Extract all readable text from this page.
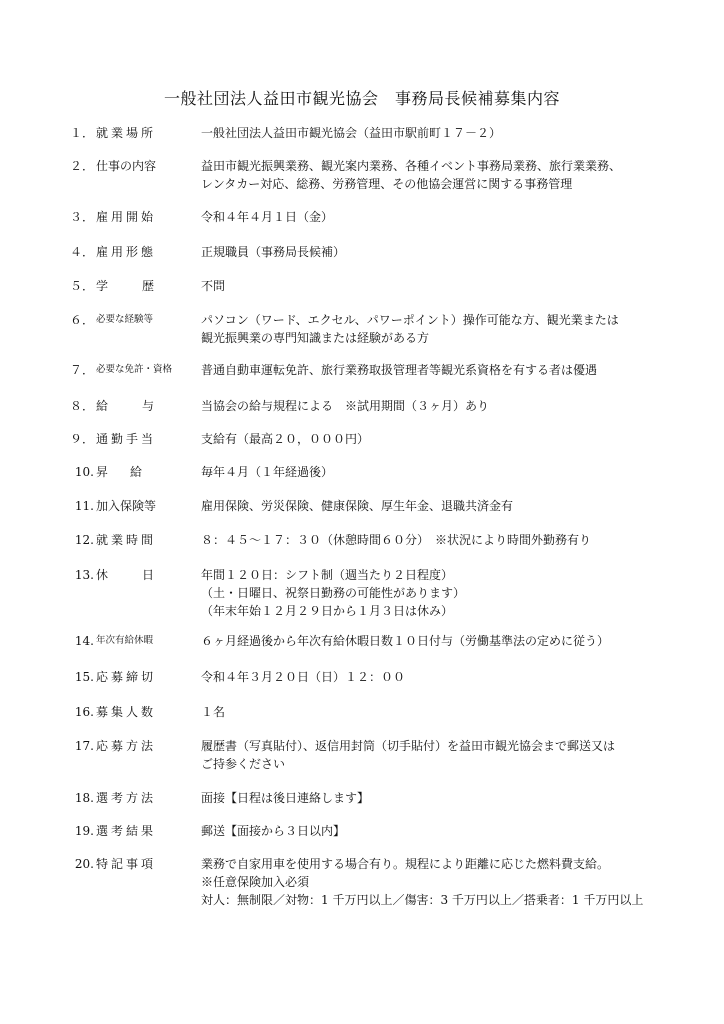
一般社団法人益田市観光協会　事務局長候補募集内容
１． 就業場所	一般社団法人益田市観光協会（益田市駅前町１７－２）
２． 仕事の内容	益田市観光振興業務、観光案内業務、各種イベント事務局業務、旅行業業務、
レンタカー対応、総務、労務管理、その他協会運営に関する事務管理
３． 雇用開始	令和４年４月１日（金）
４． 雇用形態	正規職員（事務局長候補）
５． 学歴	不問
６． 必要な経験等	パソコン（ワード、エクセル、パワーポイント）操作可能な方、観光業または
観光振興業の専門知識または経験がある方
７． 必要な免許・資格	普通自動車運転免許、旅行業務取扱管理者等観光系資格を有する者は優遇
８． 給与	当協会の給与規程による　※試用期間（３ヶ月）あり
９． 通勤手当	支給有（最高２０，０００円）
10. 昇給	毎年４月（１年経過後）
11. 加入保険等	雇用保険、労災保険、健康保険、厚生年金、退職共済金有
12. 就業時間	８：４５～１７：３０（休憩時間６０分）　※状況により時間外勤務有り
13. 休日	年間１２０日：シフト制（週当たり２日程度）
（土・日曜日、祝祭日勤務の可能性があります）
（年末年始１２月２９日から１月３日は休み）
14. 年次有給休暇	６ヶ月経過後から年次有給休暇日数１０日付与（労働基準法の定めに従う）
15. 応募締切	令和４年３月２０日（日）１２：００
16. 募集人数	１名
17. 応募方法	履歴書（写真貼付）、返信用封筒（切手貼付）を益田市観光協会まで郵送又は
ご持参ください
18. 選考方法	面接【日程は後日連絡します】
19. 選考結果	郵送【面接から３日以内】
20. 特記事項	業務で自家用車を使用する場合有り。規程により距離に応じた燃料費支給。
※任意保険加入必須
対人：無制限／対物：1 千万円以上／傷害：3 千万円以上／搭乗者：1 千万円以上
